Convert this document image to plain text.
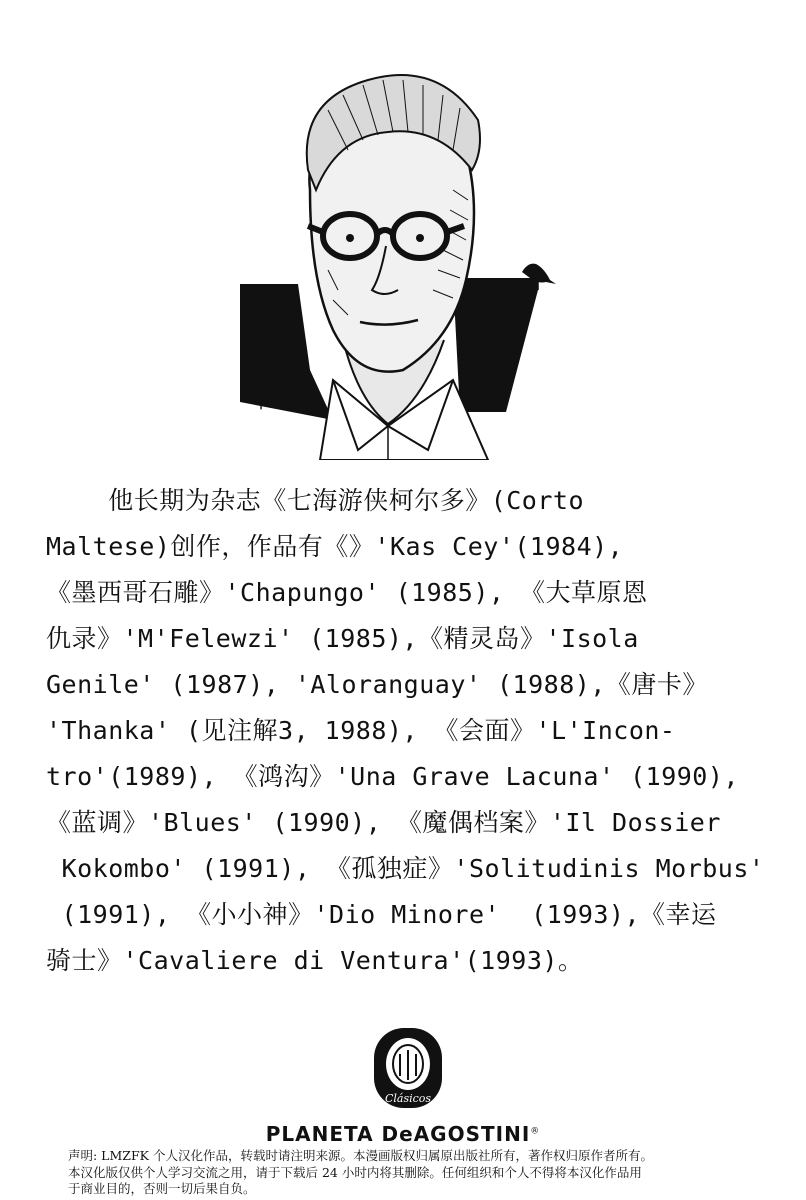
TOPPI
他长期为杂志《七海游侠柯尔多》(Corto
Maltese)创作，作品有《》'Kas Cey'(1984),
《墨西哥石雕》'Chapungo' (1985), 《大草原恩
仇录》'M'Felewzi' (1985),《精灵岛》'Isola
Genile' (1987), 'Aloranguay' (1988),《唐卡》
'Thanka' (见注解3, 1988), 《会面》'L'Incon-
tro'(1989), 《鸿沟》'Una Grave Lacuna' (1990),
《蓝调》'Blues' (1990), 《魔偶档案》'Il Dossier
Kokombo' (1991), 《孤独症》'Solitudinis Morbus'
(1991), 《小小神》'Dio Minore'  (1993),《幸运
骑士》'Cavaliere di Ventura'(1993)。
Clásicos
PLANETA DeAGOSTINI®
声明: LMZFK 个人汉化作品，转载时请注明来源。本漫画版权归属原出版社所有，著作权归原作者所有。
本汉化版仅供个人学习交流之用，请于下载后 24 小时内将其删除。任何组织和个人不得将本汉化作品用
于商业目的，否则一切后果自负。
